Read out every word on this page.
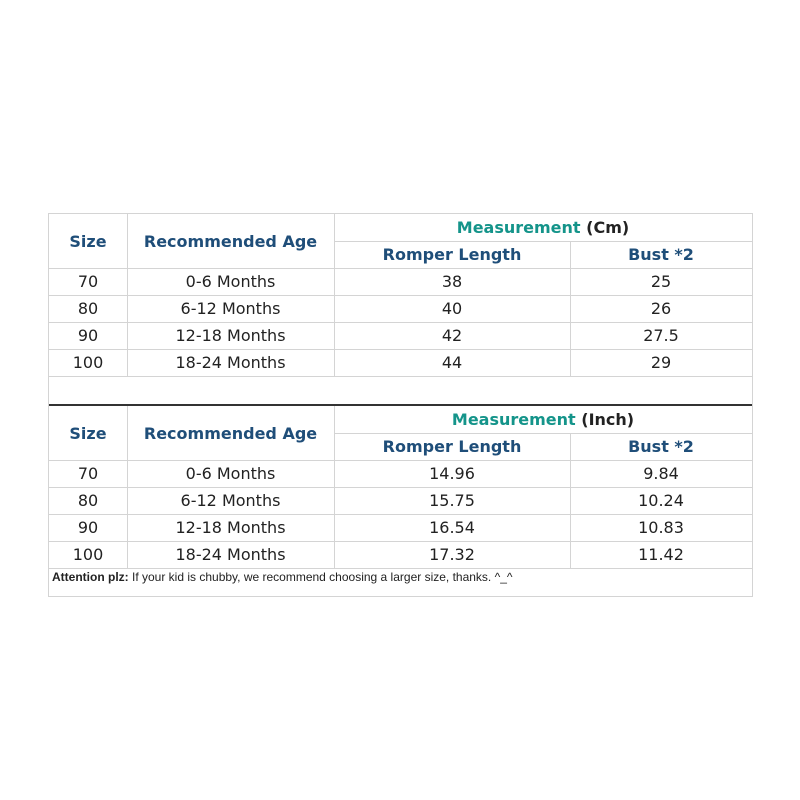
Size	Recommended Age
Measurement
(Cm)
Romper Length	Bust *2
70	0-6 Months	38	25
80	6-12 Months	40	26
90	12-18 Months	42	27.5
100	18-24 Months	44	29
Size	Recommended Age
Measurement
(Inch)
Romper Length	Bust *2
70	0-6 Months	14.96	9.84
80	6-12 Months	15.75	10.24
90	12-18 Months	16.54	10.83
100	18-24 Months	17.32	11.42
Attention plz: If your kid is chubby, we recommend choosing a larger size, thanks. ^_^
